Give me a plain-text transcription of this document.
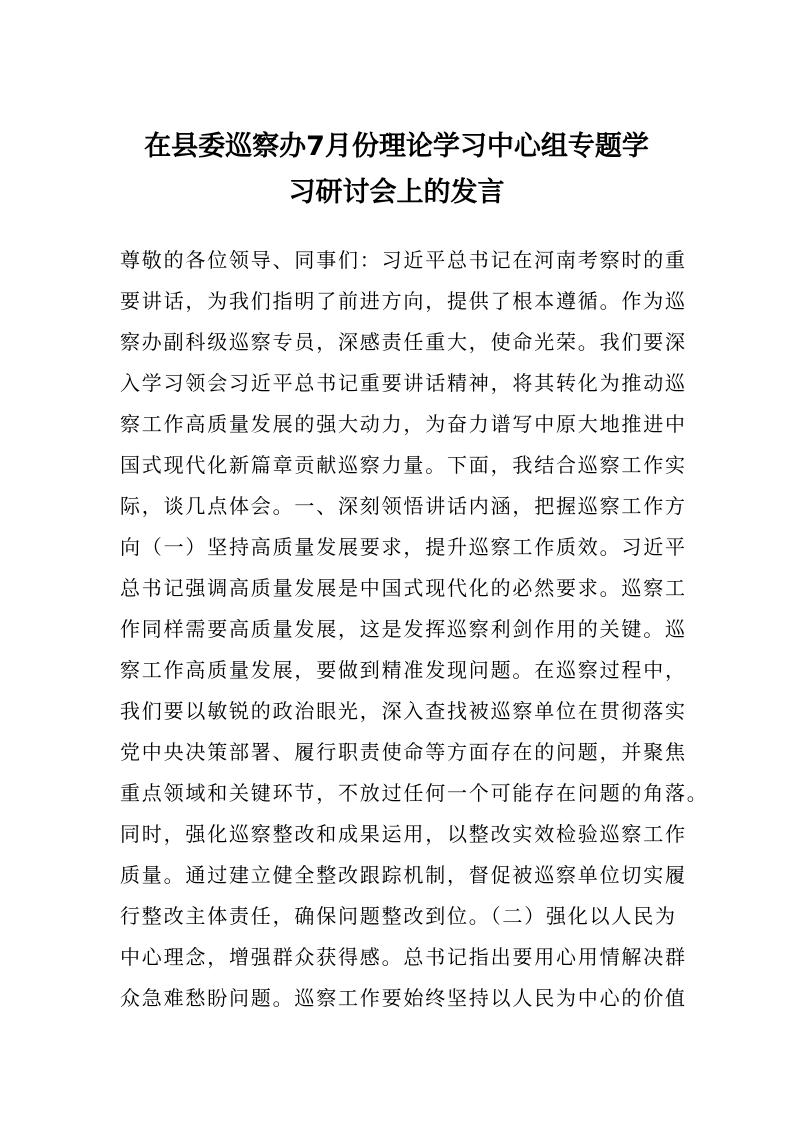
在县委巡察办7月份理论学习中心组专题学
习研讨会上的发言
尊敬的各位领导、同事们：习近平总书记在河南考察时的重
要讲话，为我们指明了前进方向，提供了根本遵循。作为巡
察办副科级巡察专员，深感责任重大，使命光荣。我们要深
入学习领会习近平总书记重要讲话精神，将其转化为推动巡
察工作高质量发展的强大动力，为奋力谱写中原大地推进中
国式现代化新篇章贡献巡察力量。下面，我结合巡察工作实
际，谈几点体会。一、深刻领悟讲话内涵，把握巡察工作方
向（一）坚持高质量发展要求，提升巡察工作质效。习近平
总书记强调高质量发展是中国式现代化的必然要求。巡察工
作同样需要高质量发展，这是发挥巡察利剑作用的关键。巡
察工作高质量发展，要做到精准发现问题。在巡察过程中，
我们要以敏锐的政治眼光，深入查找被巡察单位在贯彻落实
党中央决策部署、履行职责使命等方面存在的问题，并聚焦
重点领域和关键环节，不放过任何一个可能存在问题的角落。
同时，强化巡察整改和成果运用，以整改实效检验巡察工作
质量。通过建立健全整改跟踪机制，督促被巡察单位切实履
行整改主体责任，确保问题整改到位。（二）强化以人民为
中心理念，增强群众获得感。总书记指出要用心用情解决群
众急难愁盼问题。巡察工作要始终坚持以人民为中心的价值
